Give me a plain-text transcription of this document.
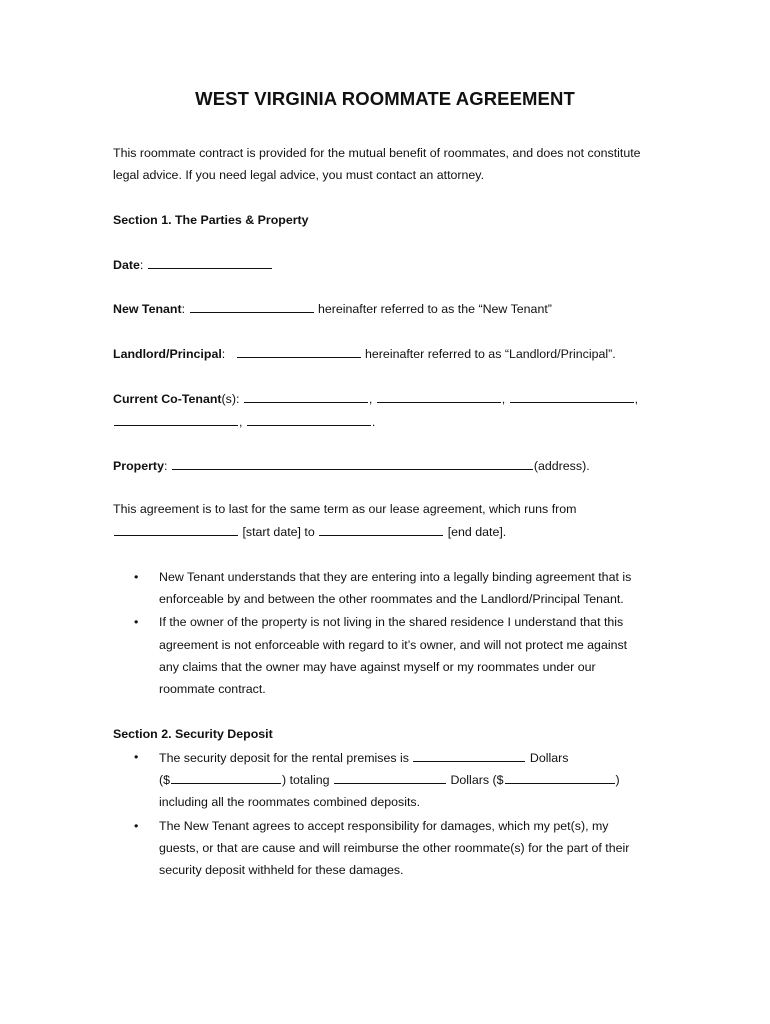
WEST VIRGINIA ROOMMATE AGREEMENT
This roommate contract is provided for the mutual benefit of roommates, and does not constitute
legal advice. If you need legal advice, you must contact an attorney.
Section 1. The Parties & Property
Date:
New Tenant:	hereinafter referred to as the “New Tenant”
Landlord/Principal:	hereinafter referred to as “Landlord/Principal”.
Current Co-Tenant(s):	,	,	,
,	.
Property:	(address).
This agreement is to last for the same term as our lease agreement, which runs from
[start date] to	[end date].
• New Tenant understands that they are entering into a legally binding agreement that is
enforceable by and between the other roommates and the Landlord/Principal Tenant.
• If the owner of the property is not living in the shared residence I understand that this
agreement is not enforceable with regard to it’s owner, and will not protect me against
any claims that the owner may have against myself or my roommates under our
roommate contract.
Section 2. Security Deposit
• The security deposit for the rental premises is	Dollars
($	) totaling	Dollars ($	)
including all the roommates combined deposits.
• The New Tenant agrees to accept responsibility for damages, which my pet(s), my
guests, or that are cause and will reimburse the other roommate(s) for the part of their
security deposit withheld for these damages.
